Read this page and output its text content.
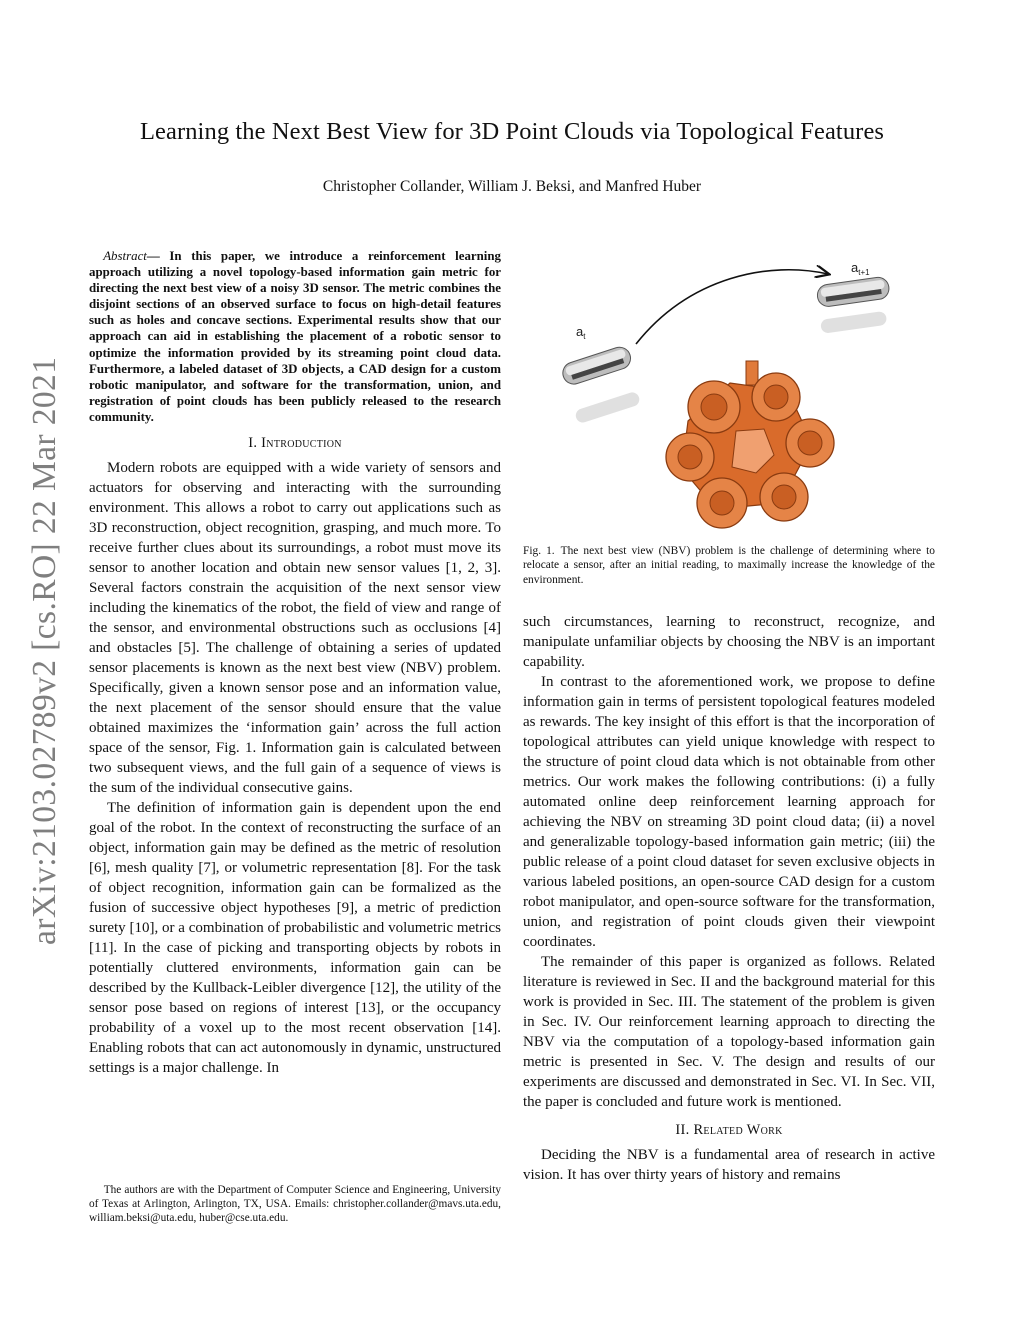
Learning the Next Best View for 3D Point Clouds via Topological Features
Christopher Collander, William J. Beksi, and Manfred Huber
arXiv:2103.02789v2 [cs.RO] 22 Mar 2021

Abstract— In this paper, we introduce a reinforcement learning approach utilizing a novel topology-based information gain metric for directing the next best view of a noisy 3D sensor. The metric combines the disjoint sections of an observed surface to focus on high-detail features such as holes and concave sections. Experimental results show that our approach can aid in establishing the placement of a robotic sensor to optimize the information provided by its streaming point cloud data. Furthermore, a labeled dataset of 3D objects, a CAD design for a custom robotic manipulator, and software for the transformation, union, and registration of point clouds has been publicly released to the research community.

I. Introduction

Modern robots are equipped with a wide variety of sensors and actuators for observing and interacting with the surrounding environment. This allows a robot to carry out applications such as 3D reconstruction, object recognition, grasping, and much more. To receive further clues about its surroundings, a robot must move its sensor to another location and obtain new sensor values [1, 2, 3]. Several factors constrain the acquisition of the next sensor view including the kinematics of the robot, the field of view and range of the sensor, and environmental obstructions such as occlusions [4] and obstacles [5]. The challenge of obtaining a series of updated sensor placements is known as the next best view (NBV) problem. Specifically, given a known sensor pose and an information value, the next placement of the sensor should ensure that the value obtained maximizes the ‘information gain’ across the full action space of the sensor, Fig. 1. Information gain is calculated between two subsequent views, and the full gain of a sequence of views is the sum of the individual consecutive gains.

The definition of information gain is dependent upon the end goal of the robot. In the context of reconstructing the surface of an object, information gain may be defined as the metric of resolution [6], mesh quality [7], or volumetric representation [8]. For the task of object recognition, information gain can be formalized as the fusion of successive object hypotheses [9], a metric of prediction surety [10], or a combination of probabilistic and volumetric metrics [11]. In the case of picking and transporting objects by robots in potentially cluttered environments, information gain can be described by the Kullback-Leibler divergence [12], the utility of the sensor pose based on regions of interest [13], or the occupancy probability of a voxel up to the most recent observation [14]. Enabling robots that can act autonomously in dynamic, unstructured settings is a major challenge. In

The authors are with the Department of Computer Science and Engineering, University of Texas at Arlington, Arlington, TX, USA. Emails: christopher.collander@mavs.uta.edu, william.beksi@uta.edu, huber@cse.uta.edu.
$a_t$
$a_{t+1}$
Fig. 1. The next best view (NBV) problem is the challenge of determining where to relocate a sensor, after an initial reading, to maximally increase the knowledge of the environment.

such circumstances, learning to reconstruct, recognize, and manipulate unfamiliar objects by choosing the NBV is an important capability.

In contrast to the aforementioned work, we propose to define information gain in terms of persistent topological features modeled as rewards. The key insight of this effort is that the incorporation of topological attributes can yield unique knowledge with respect to the structure of point cloud data which is not obtainable from other metrics. Our work makes the following contributions: (i) a fully automated online deep reinforcement learning approach for achieving the NBV on streaming 3D point cloud data; (ii) a novel and generalizable topology-based information gain metric; (iii) the public release of a point cloud dataset for seven exclusive objects in various labeled positions, an open-source CAD design for a custom robot manipulator, and open-source software for the transformation, union, and registration of point clouds given their viewpoint coordinates.

The remainder of this paper is organized as follows. Related literature is reviewed in Sec. II and the background material for this work is provided in Sec. III. The statement of the problem is given in Sec. IV. Our reinforcement learning approach to directing the NBV via the computation of a topology-based information gain metric is presented in Sec. V. The design and results of our experiments are discussed and demonstrated in Sec. VI. In Sec. VII, the paper is concluded and future work is mentioned.

II. Related Work

Deciding the NBV is a fundamental area of research in active vision. It has over thirty years of history and remains
